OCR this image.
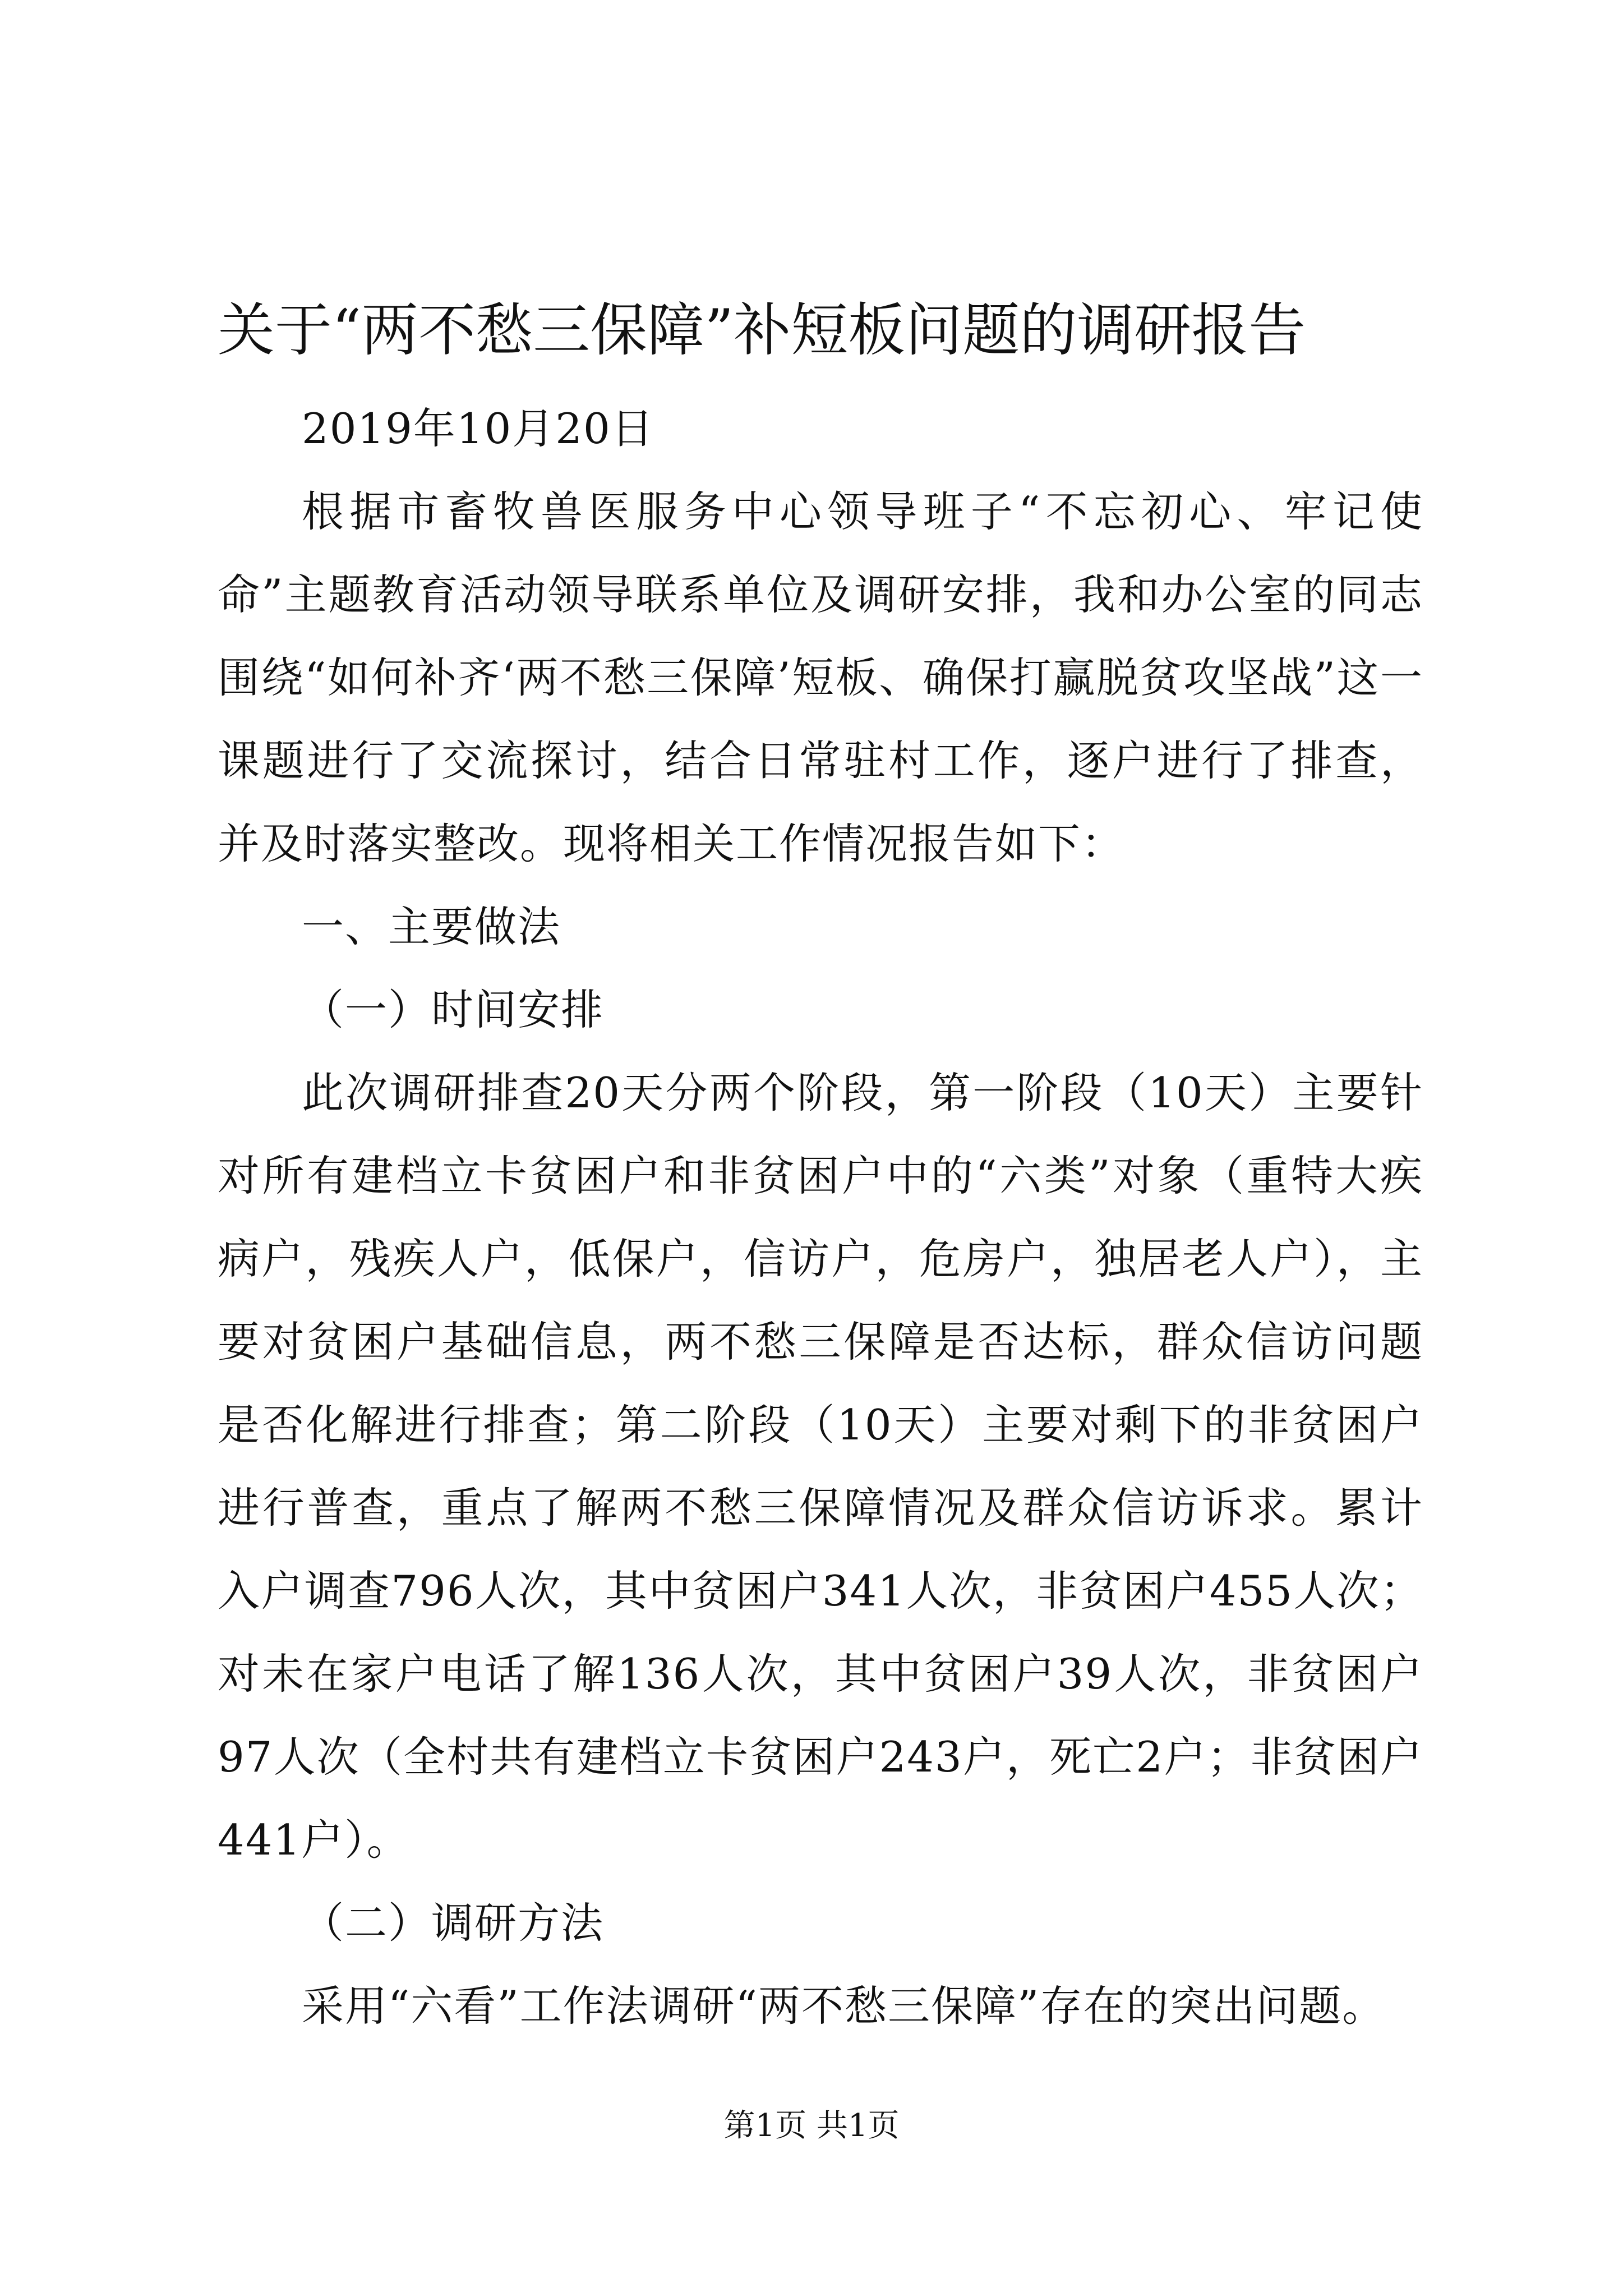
关于“两不愁三保障”补短板问题的调研报告

2019年10月20日

根据市畜牧兽医服务中心领导班子“不忘初心、牢记使命”主题教育活动领导联系单位及调研安排，我和办公室的同志围绕“如何补齐‘两不愁三保障’短板、确保打赢脱贫攻坚战”这一课题进行了交流探讨，结合日常驻村工作，逐户进行了排查，并及时落实整改。现将相关工作情况报告如下：

一、主要做法

（一）时间安排

此次调研排查20天分两个阶段，第一阶段（10天）主要针对所有建档立卡贫困户和非贫困户中的“六类”对象（重特大疾病户，残疾人户，低保户，信访户，危房户，独居老人户），主要对贫困户基础信息，两不愁三保障是否达标，群众信访问题是否化解进行排查；第二阶段（10天）主要对剩下的非贫困户进行普查，重点了解两不愁三保障情况及群众信访诉求。累计入户调查796人次，其中贫困户341人次，非贫困户455人次；对未在家户电话了解136人次，其中贫困户39人次，非贫困户97人次（全村共有建档立卡贫困户243户，死亡2户；非贫困户441户）。

（二）调研方法

采用“六看”工作法调研“两不愁三保障”存在的突出问题。

第1页 共1页
